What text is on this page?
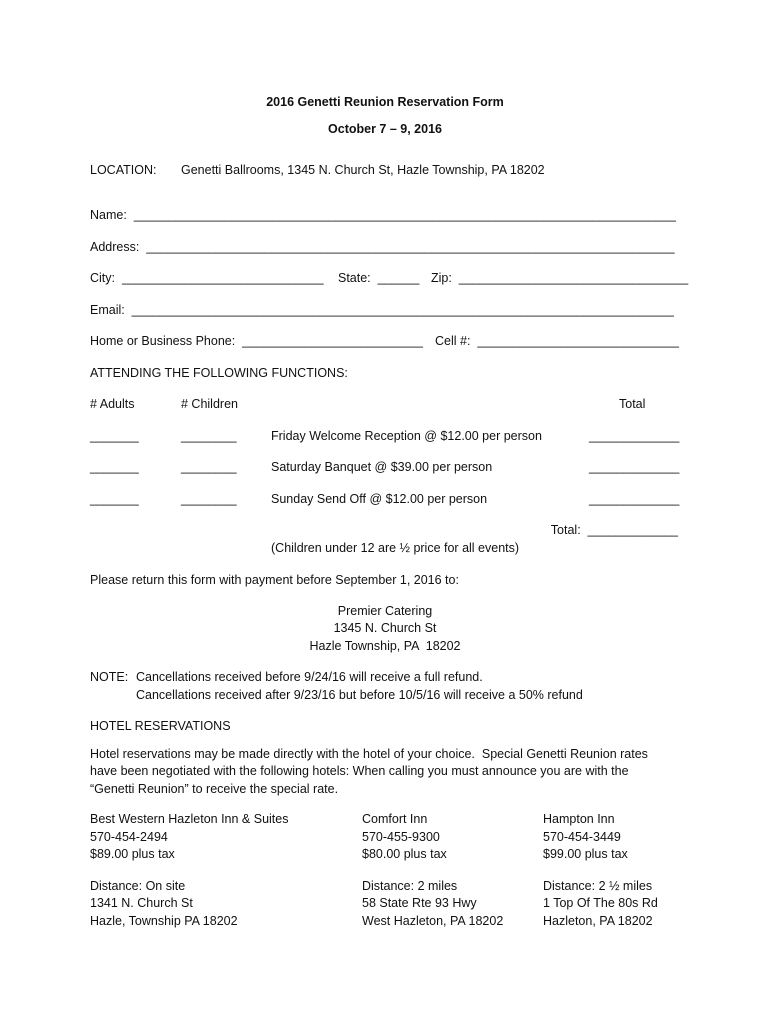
2016 Genetti Reunion Reservation Form
October 7 – 9, 2016
LOCATION: Genetti Ballrooms, 1345 N. Church St, Hazle Township, PA 18202
Name:  ______________________________________________________________________________
Address:  ____________________________________________________________________________
City:  _____________________________ State:  ______ Zip:  _________________________________
Email:  ______________________________________________________________________________
Home or Business Phone:  __________________________ Cell #:  _____________________________
ATTENDING THE FOLLOWING FUNCTIONS:
# Adults	# Children	Total
_______	________	Friday Welcome Reception @ $12.00 per person	_____________
_______	________	Saturday Banquet @ $39.00 per person	_____________
_______	________	Sunday Send Off @ $12.00 per person	_____________
Total:  _____________
(Children under 12 are ½ price for all events)
Please return this form with payment before September 1, 2016 to:
Premier Catering
1345 N. Church St
Hazle Township, PA  18202
NOTE: Cancellations received before 9/24/16 will receive a full refund.
Cancellations received after 9/23/16 but before 10/5/16 will receive a 50% refund
HOTEL RESERVATIONS
Hotel reservations may be made directly with the hotel of your choice.  Special Genetti Reunion rates
have been negotiated with the following hotels: When calling you must announce you are with the
“Genetti Reunion” to receive the special rate.
Best Western Hazleton Inn & Suites
570-454-2494
$89.00 plus tax
Distance: On site
1341 N. Church St
Hazle, Township PA 18202
Comfort Inn
570-455-9300
$80.00 plus tax
Distance: 2 miles
58 State Rte 93 Hwy
West Hazleton, PA 18202
Hampton Inn
570-454-3449
$99.00 plus tax
Distance: 2 ½ miles
1 Top Of The 80s Rd
Hazleton, PA 18202
